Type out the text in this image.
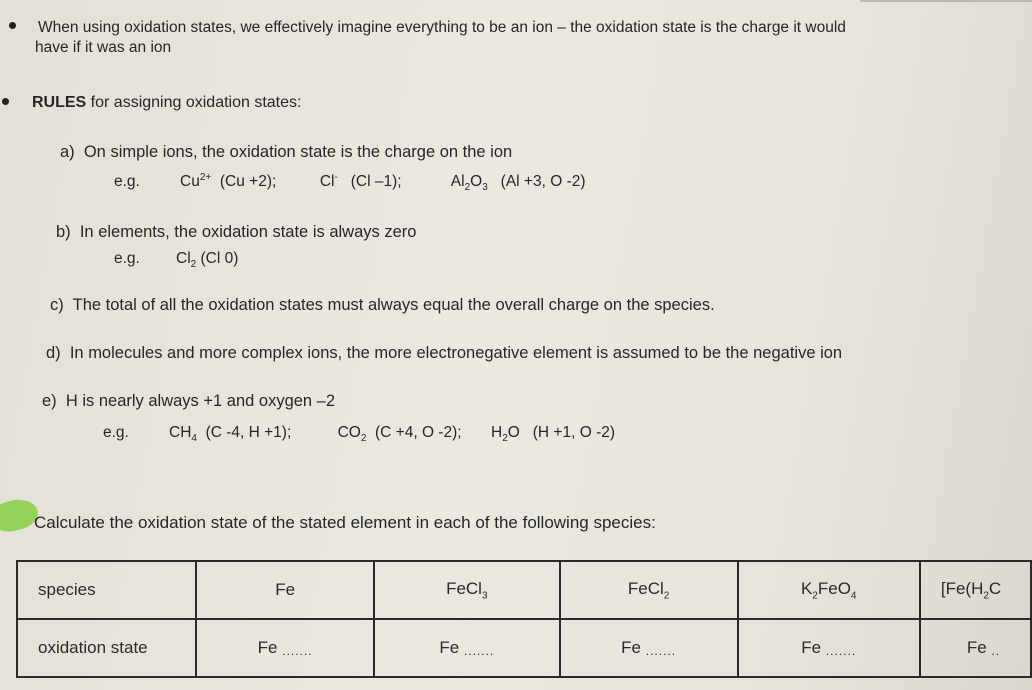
When using oxidation states, we effectively imagine everything to be an ion – the oxidation state is the charge it would
have if it was an ion
RULES for assigning oxidation states:
a) On simple ions, the oxidation state is the charge on the ion
e.g.	$Cu^{2+}$ (Cu +2);	Cl- (Cl –1);	$Al_2O_3$ (Al +3, O -2)
b) In elements, the oxidation state is always zero
e.g. $Cl_2$ (Cl 0)
c) The total of all the oxidation states must always equal the overall charge on the species.
d) In molecules and more complex ions, the more electronegative element is assumed to be the negative ion
e) H is nearly always +1 and oxygen –2
e.g.	$CH_4$ (C -4, H +1);	$CO_2$ (C +4, O -2); $H_2O$ (H +1, O -2)
Calculate the oxidation state of the stated element in each of the following species:
species	Fe	FeCl$_3$	FeCl$_2$	$K_2FeO_4$	[$Fe(H_2C$
oxidation state	Fe .......	Fe .......	Fe .......	Fe .......	Fe ..
